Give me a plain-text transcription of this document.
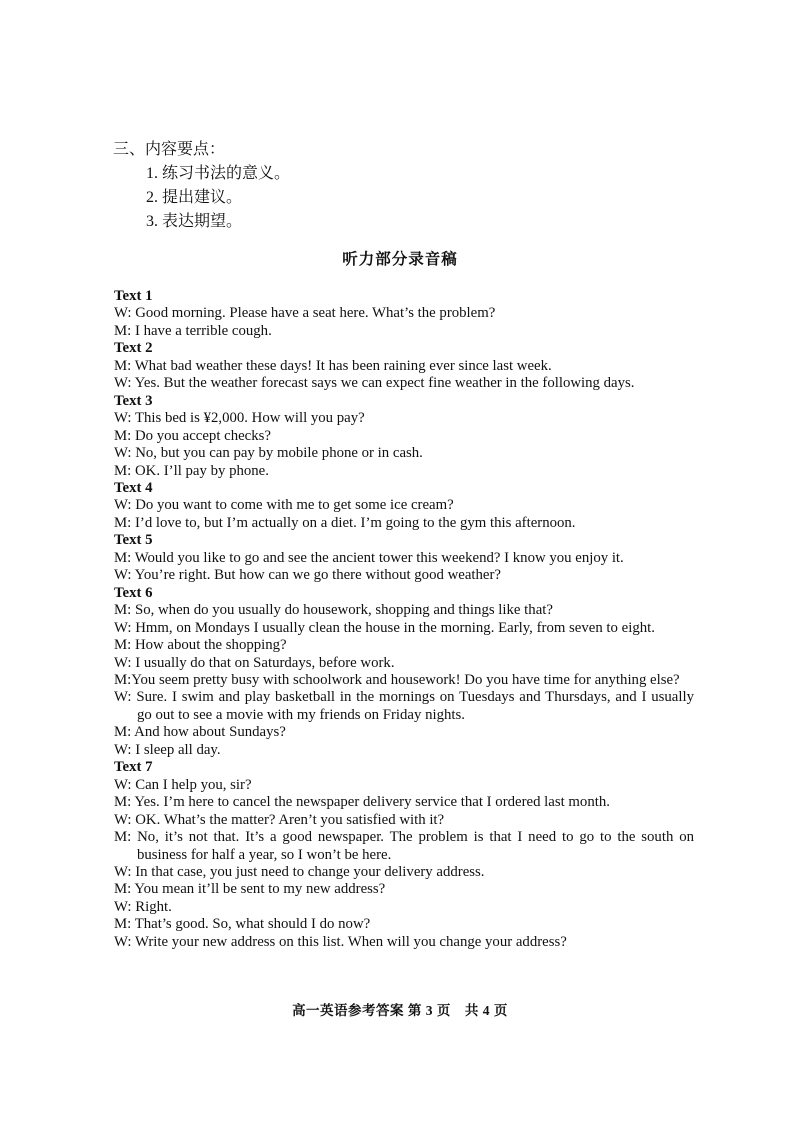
三、内容要点：
1. 练习书法的意义。
2. 提出建议。
3. 表达期望。
听力部分录音稿
Text 1
W: Good morning. Please have a seat here. What’s the problem?
M: I have a terrible cough.
Text 2
M: What bad weather these days! It has been raining ever since last week.
W: Yes. But the weather forecast says we can expect fine weather in the following days.
Text 3
W: This bed is ¥2,000. How will you pay?
M: Do you accept checks?
W: No, but you can pay by mobile phone or in cash.
M: OK. I’ll pay by phone.
Text 4
W: Do you want to come with me to get some ice cream?
M: I’d love to, but I’m actually on a diet. I’m going to the gym this afternoon.
Text 5
M: Would you like to go and see the ancient tower this weekend? I know you enjoy it.
W: You’re right. But how can we go there without good weather?
Text 6
M: So, when do you usually do housework, shopping and things like that?
W: Hmm, on Mondays I usually clean the house in the morning. Early, from seven to eight.
M: How about the shopping?
W: I usually do that on Saturdays, before work.
M:You seem pretty busy with schoolwork and housework! Do you have time for anything else?
W: Sure. I swim and play basketball in the mornings on Tuesdays and Thursdays, and I usually go out to see a movie with my friends on Friday nights.
M: And how about Sundays?
W: I sleep all day.
Text 7
W: Can I help you, sir?
M: Yes. I’m here to cancel the newspaper delivery service that I ordered last month.
W: OK. What’s the matter? Aren’t you satisfied with it?
M: No, it’s not that. It’s a good newspaper. The problem is that I need to go to the south on business for half a year, so I won’t be here.
W: In that case, you just need to change your delivery address.
M: You mean it’ll be sent to my new address?
W: Right.
M: That’s good. So, what should I do now?
W: Write your new address on this list. When will you change your address?
高一英语参考答案 第 3 页　共 4 页
